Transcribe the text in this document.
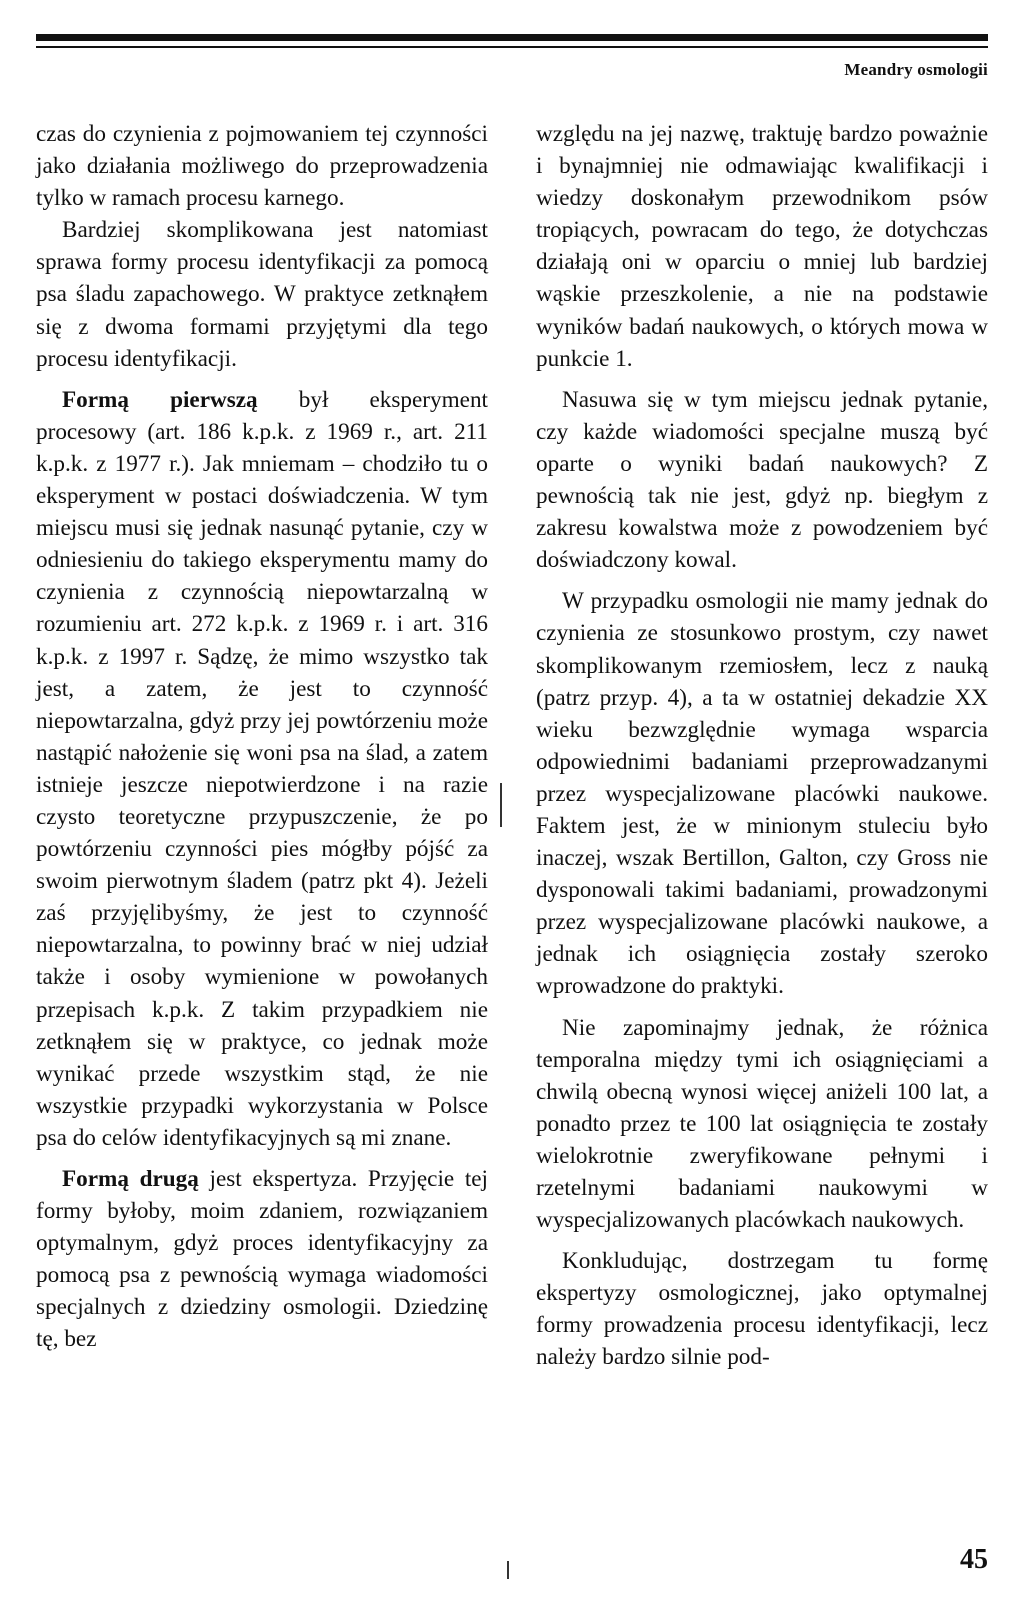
Meandry osmologii

czas do czynienia z pojmowaniem tej czynności jako działania możliwego do przeprowadzenia tylko w ramach procesu karnego.

Bardziej skomplikowana jest natomiast sprawa formy procesu identyfikacji za pomocą psa śladu zapachowego. W praktyce zetknąłem się z dwoma formami przyjętymi dla tego procesu identyfikacji.

Formą pierwszą był eksperyment procesowy (art. 186 k.p.k. z 1969 r., art. 211 k.p.k. z 1977 r.). Jak mniemam – chodziło tu o eksperyment w postaci doświadczenia. W tym miejscu musi się jednak nasunąć pytanie, czy w odniesieniu do takiego eksperymentu mamy do czynienia z czynnością niepowtarzalną w rozumieniu art. 272 k.p.k. z 1969 r. i art. 316 k.p.k. z 1997 r. Sądzę, że mimo wszystko tak jest, a zatem, że jest to czynność niepowtarzalna, gdyż przy jej powtórzeniu może nastąpić nałożenie się woni psa na ślad, a zatem istnieje jeszcze niepotwierdzone i na razie czysto teoretyczne przypuszczenie, że po powtórzeniu czynności pies mógłby pójść za swoim pierwotnym śladem (patrz pkt 4). Jeżeli zaś przyjęlibyśmy, że jest to czynność niepowtarzalna, to powinny brać w niej udział także i osoby wymienione w powołanych przepisach k.p.k. Z takim przypadkiem nie zetknąłem się w praktyce, co jednak może wynikać przede wszystkim stąd, że nie wszystkie przypadki wykorzystania w Polsce psa do celów identyfikacyjnych są mi znane.

Formą drugą jest ekspertyza. Przyjęcie tej formy byłoby, moim zdaniem, rozwiązaniem optymalnym, gdyż proces identyfikacyjny za pomocą psa z pewnością wymaga wiadomości specjalnych z dziedziny osmologii. Dziedzinę tę, bez

względu na jej nazwę, traktuję bardzo poważnie i bynajmniej nie odmawiając kwalifikacji i wiedzy doskonałym przewodnikom psów tropiących, powracam do tego, że dotychczas działają oni w oparciu o mniej lub bardziej wąskie przeszkolenie, a nie na podstawie wyników badań naukowych, o których mowa w punkcie 1.

Nasuwa się w tym miejscu jednak pytanie, czy każde wiadomości specjalne muszą być oparte o wyniki badań naukowych? Z pewnością tak nie jest, gdyż np. biegłym z zakresu kowalstwa może z powodzeniem być doświadczony kowal.

W przypadku osmologii nie mamy jednak do czynienia ze stosunkowo prostym, czy nawet skomplikowanym rzemiosłem, lecz z nauką (patrz przyp. 4), a ta w ostatniej dekadzie XX wieku bezwzględnie wymaga wsparcia odpowiednimi badaniami przeprowadzanymi przez wyspecjalizowane placówki naukowe. Faktem jest, że w minionym stuleciu było inaczej, wszak Bertillon, Galton, czy Gross nie dysponowali takimi badaniami, prowadzonymi przez wyspecjalizowane placówki naukowe, a jednak ich osiągnięcia zostały szeroko wprowadzone do praktyki.

Nie zapominajmy jednak, że różnica temporalna między tymi ich osiągnięciami a chwilą obecną wynosi więcej aniżeli 100 lat, a ponadto przez te 100 lat osiągnięcia te zostały wielokrotnie zweryfikowane pełnymi i rzetelnymi badaniami naukowymi w wyspecjalizowanych placówkach naukowych.

Konkludując, dostrzegam tu formę ekspertyzy osmologicznej, jako optymalnej formy prowadzenia procesu identyfikacji, lecz należy bardzo silnie pod-

45
